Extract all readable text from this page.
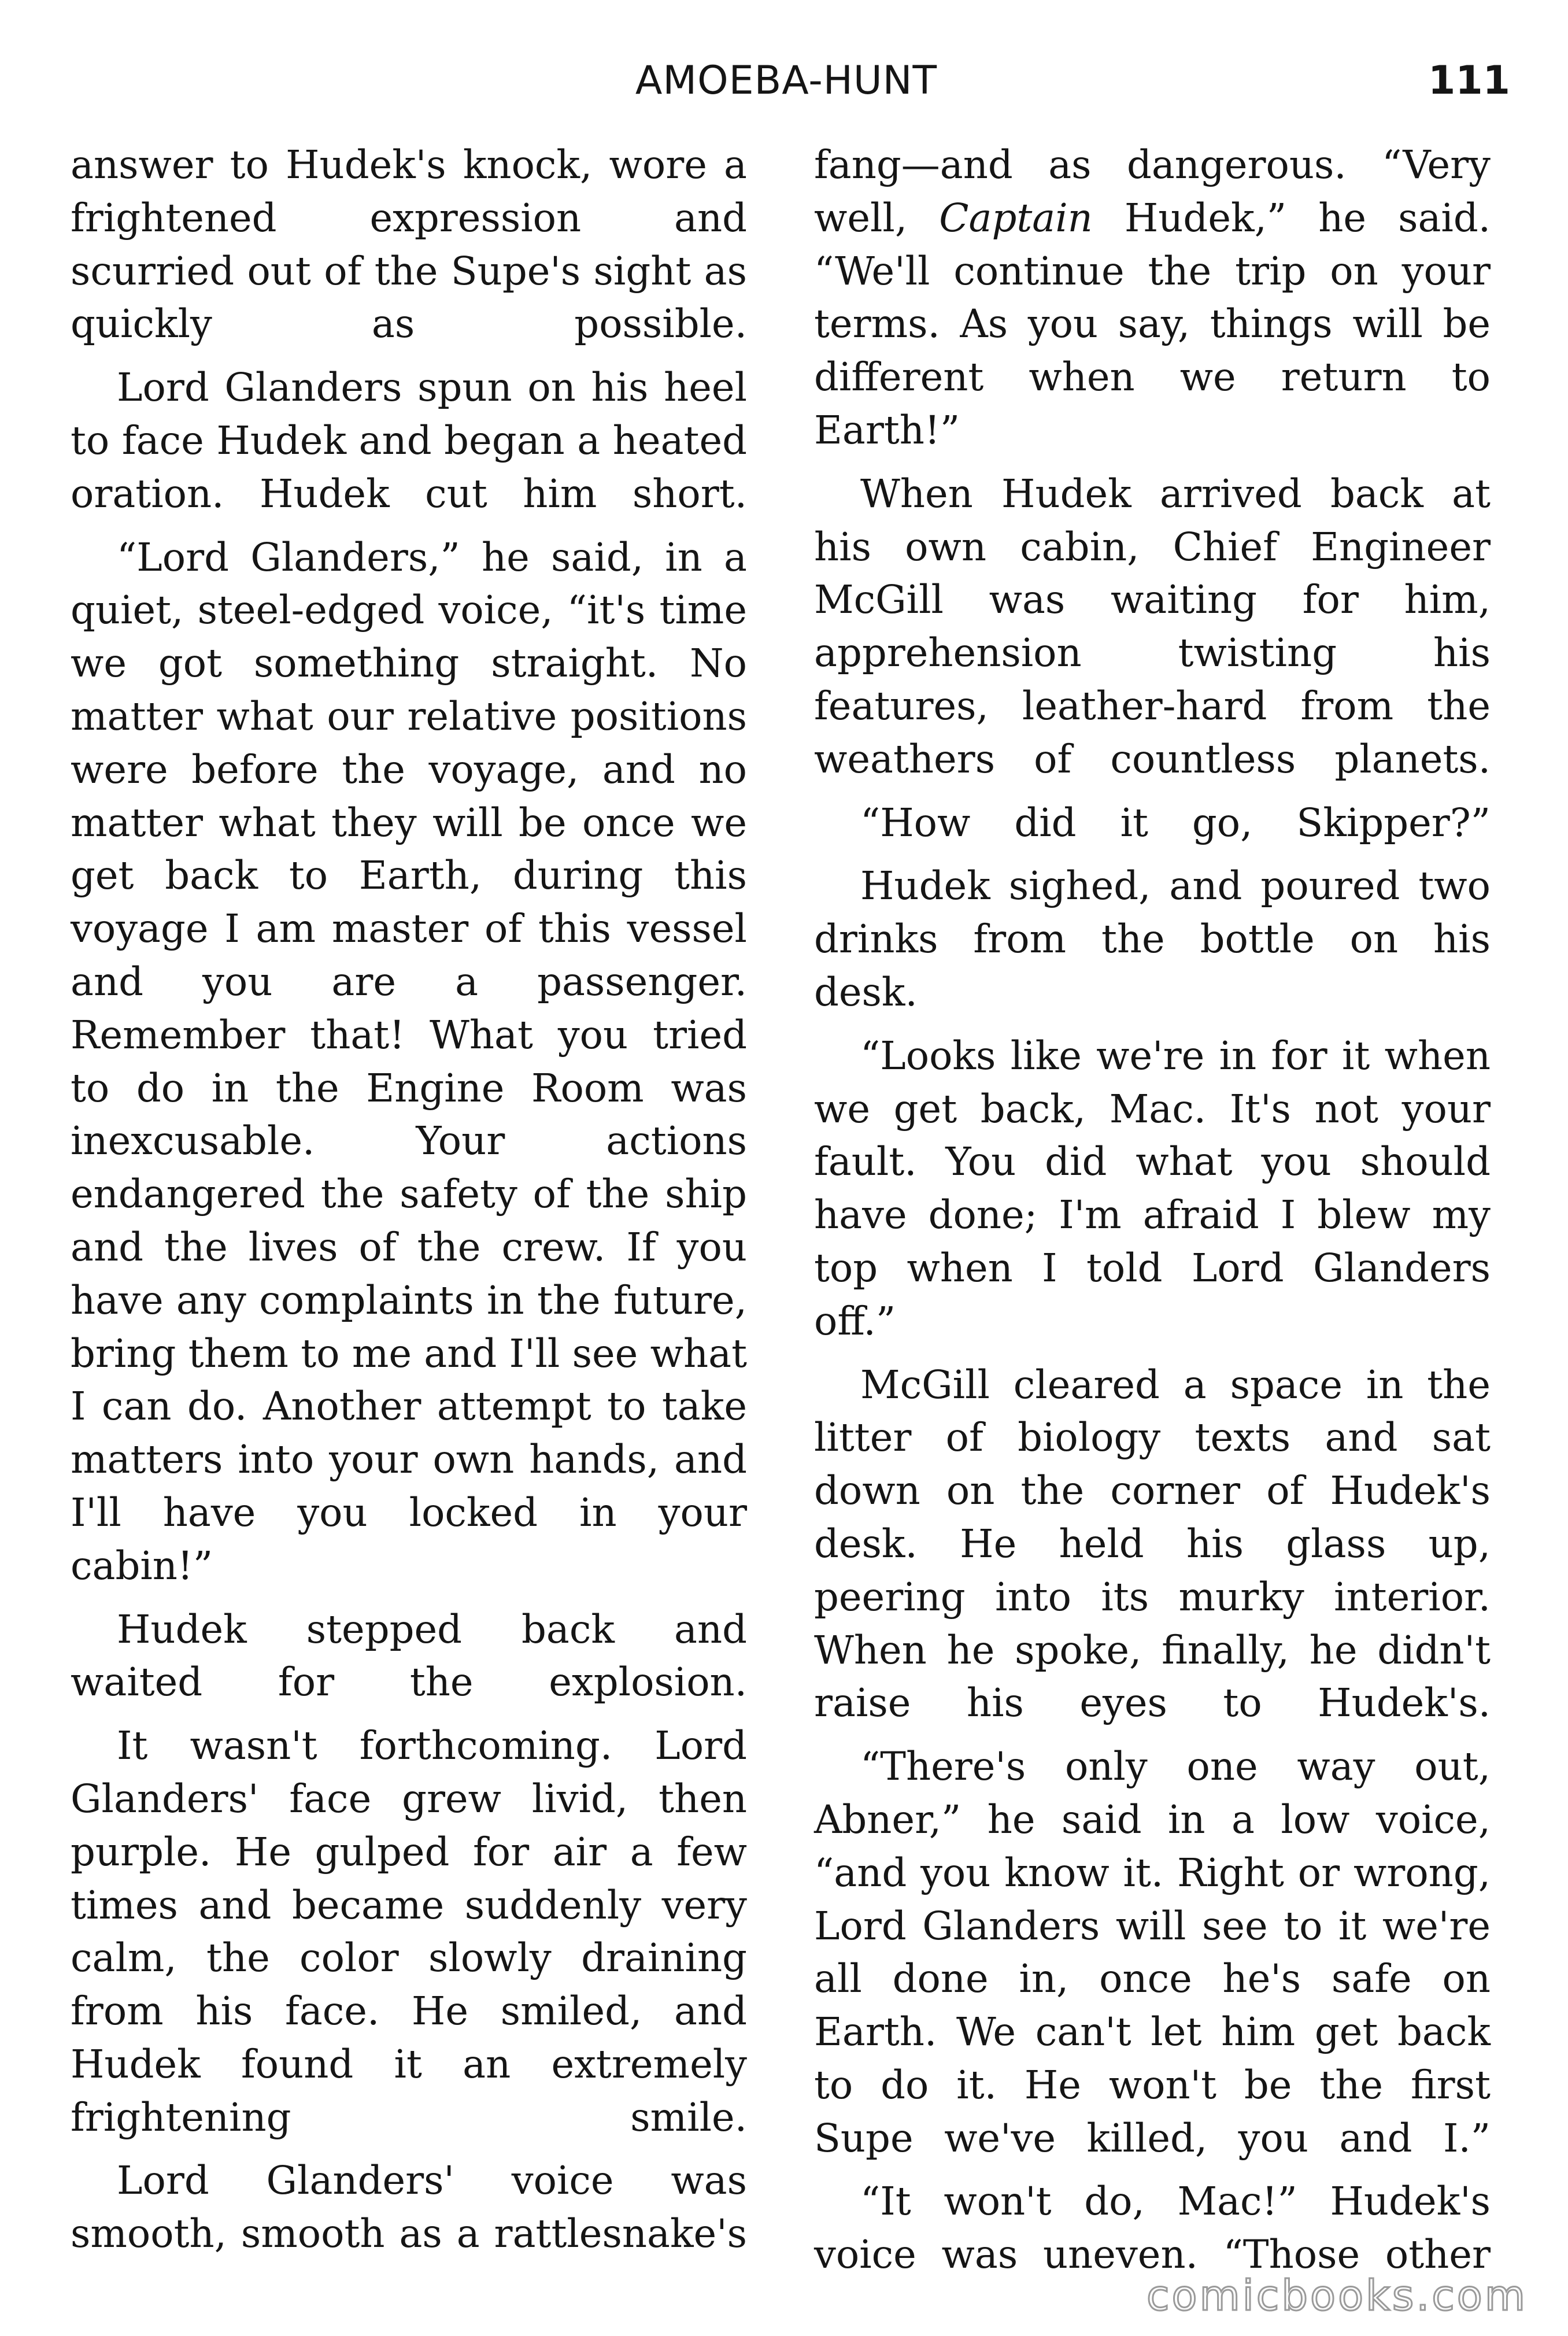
AMOEBA-HUNT	111

answer to Hudek's knock, wore a frightened expression and scurried out of the Supe's sight as quickly as possible.

Lord Glanders spun on his heel to face Hudek and began a heated oration. Hudek cut him short.

“Lord Glanders,” he said, in a quiet, steel-edged voice, “it's time we got something straight. No matter what our relative positions were before the voyage, and no matter what they will be once we get back to Earth, during this voyage I am master of this vessel and you are a passenger. Remember that! What you tried to do in the Engine Room was inexcusable. Your actions endangered the safety of the ship and the lives of the crew. If you have any complaints in the future, bring them to me and I'll see what I can do. Another attempt to take matters into your own hands, and I'll have you locked in your cabin!”

Hudek stepped back and waited for the explosion.

It wasn't forthcoming. Lord Glanders' face grew livid, then purple. He gulped for air a few times and became suddenly very calm, the color slowly draining from his face. He smiled, and Hudek found it an extremely frightening smile.

Lord Glanders' voice was smooth, smooth as a rattlesnake's

fang—and as dangerous. “Very well, Captain Hudek,” he said. “We'll continue the trip on your terms. As you say, things will be different when we return to Earth!”

When Hudek arrived back at his own cabin, Chief Engineer McGill was waiting for him, apprehension twisting his features, leather-hard from the weathers of countless planets.

“How did it go, Skipper?”

Hudek sighed, and poured two drinks from the bottle on his desk.

“Looks like we're in for it when we get back, Mac. It's not your fault. You did what you should have done; I'm afraid I blew my top when I told Lord Glanders off.”

McGill cleared a space in the litter of biology texts and sat down on the corner of Hudek's desk. He held his glass up, peering into its murky interior. When he spoke, finally, he didn't raise his eyes to Hudek's.

“There's only one way out, Abner,” he said in a low voice, “and you know it. Right or wrong, Lord Glanders will see to it we're all done in, once he's safe on Earth. We can't let him get back to do it. He won't be the first Supe we've killed, you and I.”

“It won't do, Mac!” Hudek's voice was uneven. “Those other

comicbooks.com
